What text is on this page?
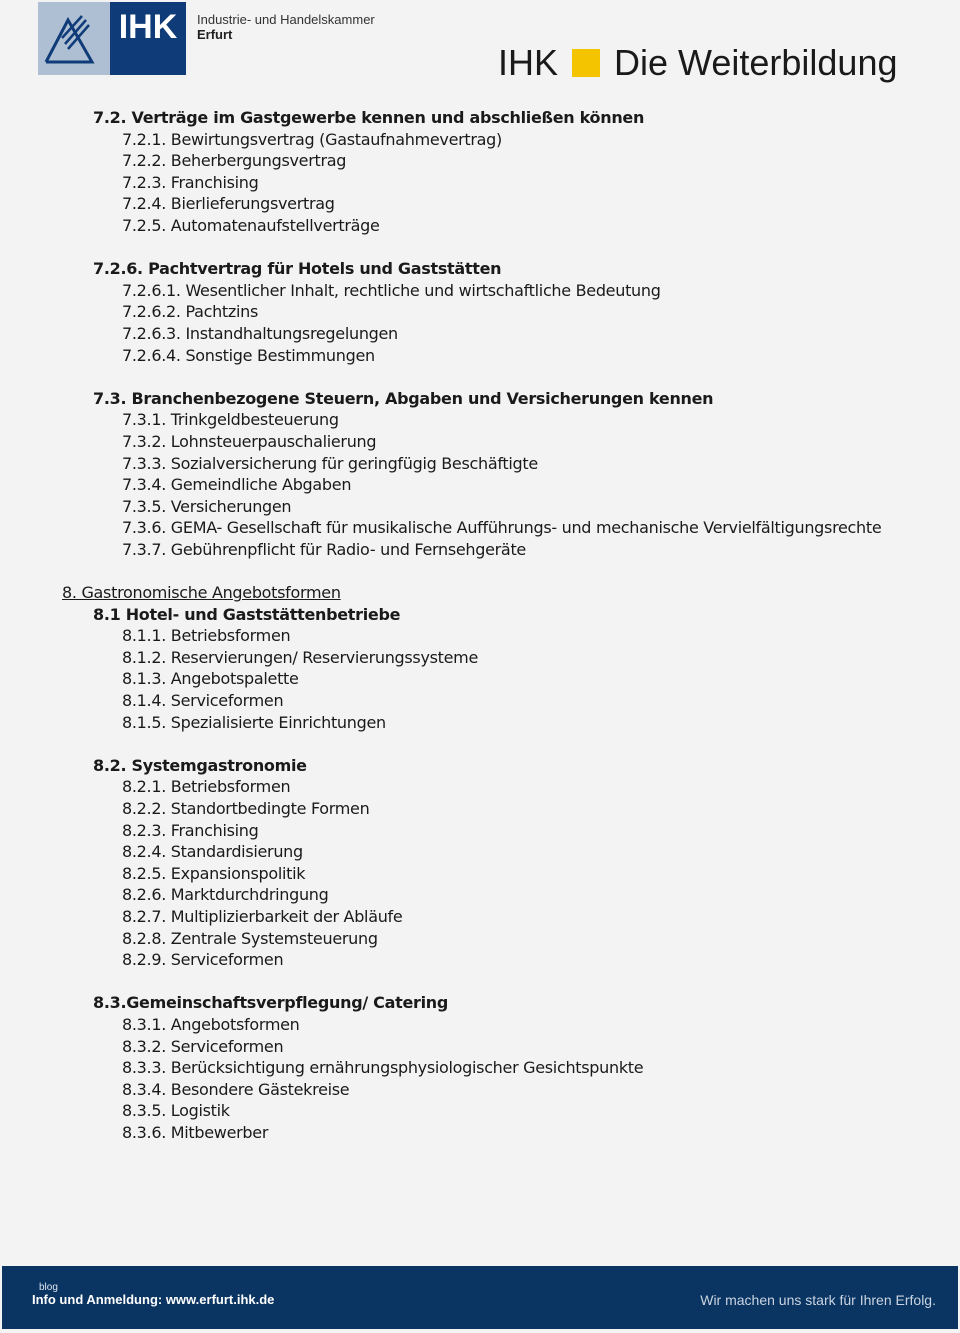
IHK	Industrie- und Handelskammer
Erfurt
IHK Die Weiterbildung
7.2. Verträge im Gastgewerbe kennen und abschließen können
7.2.1. Bewirtungsvertrag (Gastaufnahmevertrag)
7.2.2. Beherbergungsvertrag
7.2.3. Franchising
7.2.4. Bierlieferungsvertrag
7.2.5. Automatenaufstellverträge
7.2.6. Pachtvertrag für Hotels und Gaststätten
7.2.6.1. Wesentlicher Inhalt, rechtliche und wirtschaftliche Bedeutung
7.2.6.2. Pachtzins
7.2.6.3. Instandhaltungsregelungen
7.2.6.4. Sonstige Bestimmungen
7.3. Branchenbezogene Steuern, Abgaben und Versicherungen kennen
7.3.1. Trinkgeldbesteuerung
7.3.2. Lohnsteuerpauschalierung
7.3.3. Sozialversicherung für geringfügig Beschäftigte
7.3.4. Gemeindliche Abgaben
7.3.5. Versicherungen
7.3.6. GEMA- Gesellschaft für musikalische Aufführungs- und mechanische Vervielfältigungsrechte
7.3.7. Gebührenpflicht für Radio- und Fernsehgeräte
8. Gastronomische Angebotsformen
8.1 Hotel- und Gaststättenbetriebe
8.1.1. Betriebsformen
8.1.2. Reservierungen/ Reservierungssysteme
8.1.3. Angebotspalette
8.1.4. Serviceformen
8.1.5. Spezialisierte Einrichtungen
8.2. Systemgastronomie
8.2.1. Betriebsformen
8.2.2. Standortbedingte Formen
8.2.3. Franchising
8.2.4. Standardisierung
8.2.5. Expansionspolitik
8.2.6. Marktdurchdringung
8.2.7. Multiplizierbarkeit der Abläufe
8.2.8. Zentrale Systemsteuerung
8.2.9. Serviceformen
8.3.Gemeinschaftsverpflegung/ Catering
8.3.1. Angebotsformen
8.3.2. Serviceformen
8.3.3. Berücksichtigung ernährungsphysiologischer Gesichtspunkte
8.3.4. Besondere Gästekreise
8.3.5. Logistik
8.3.6. Mitbewerber
blog
Info und Anmeldung: www.erfurt.ihk.de	Wir machen uns stark für Ihren Erfolg.
